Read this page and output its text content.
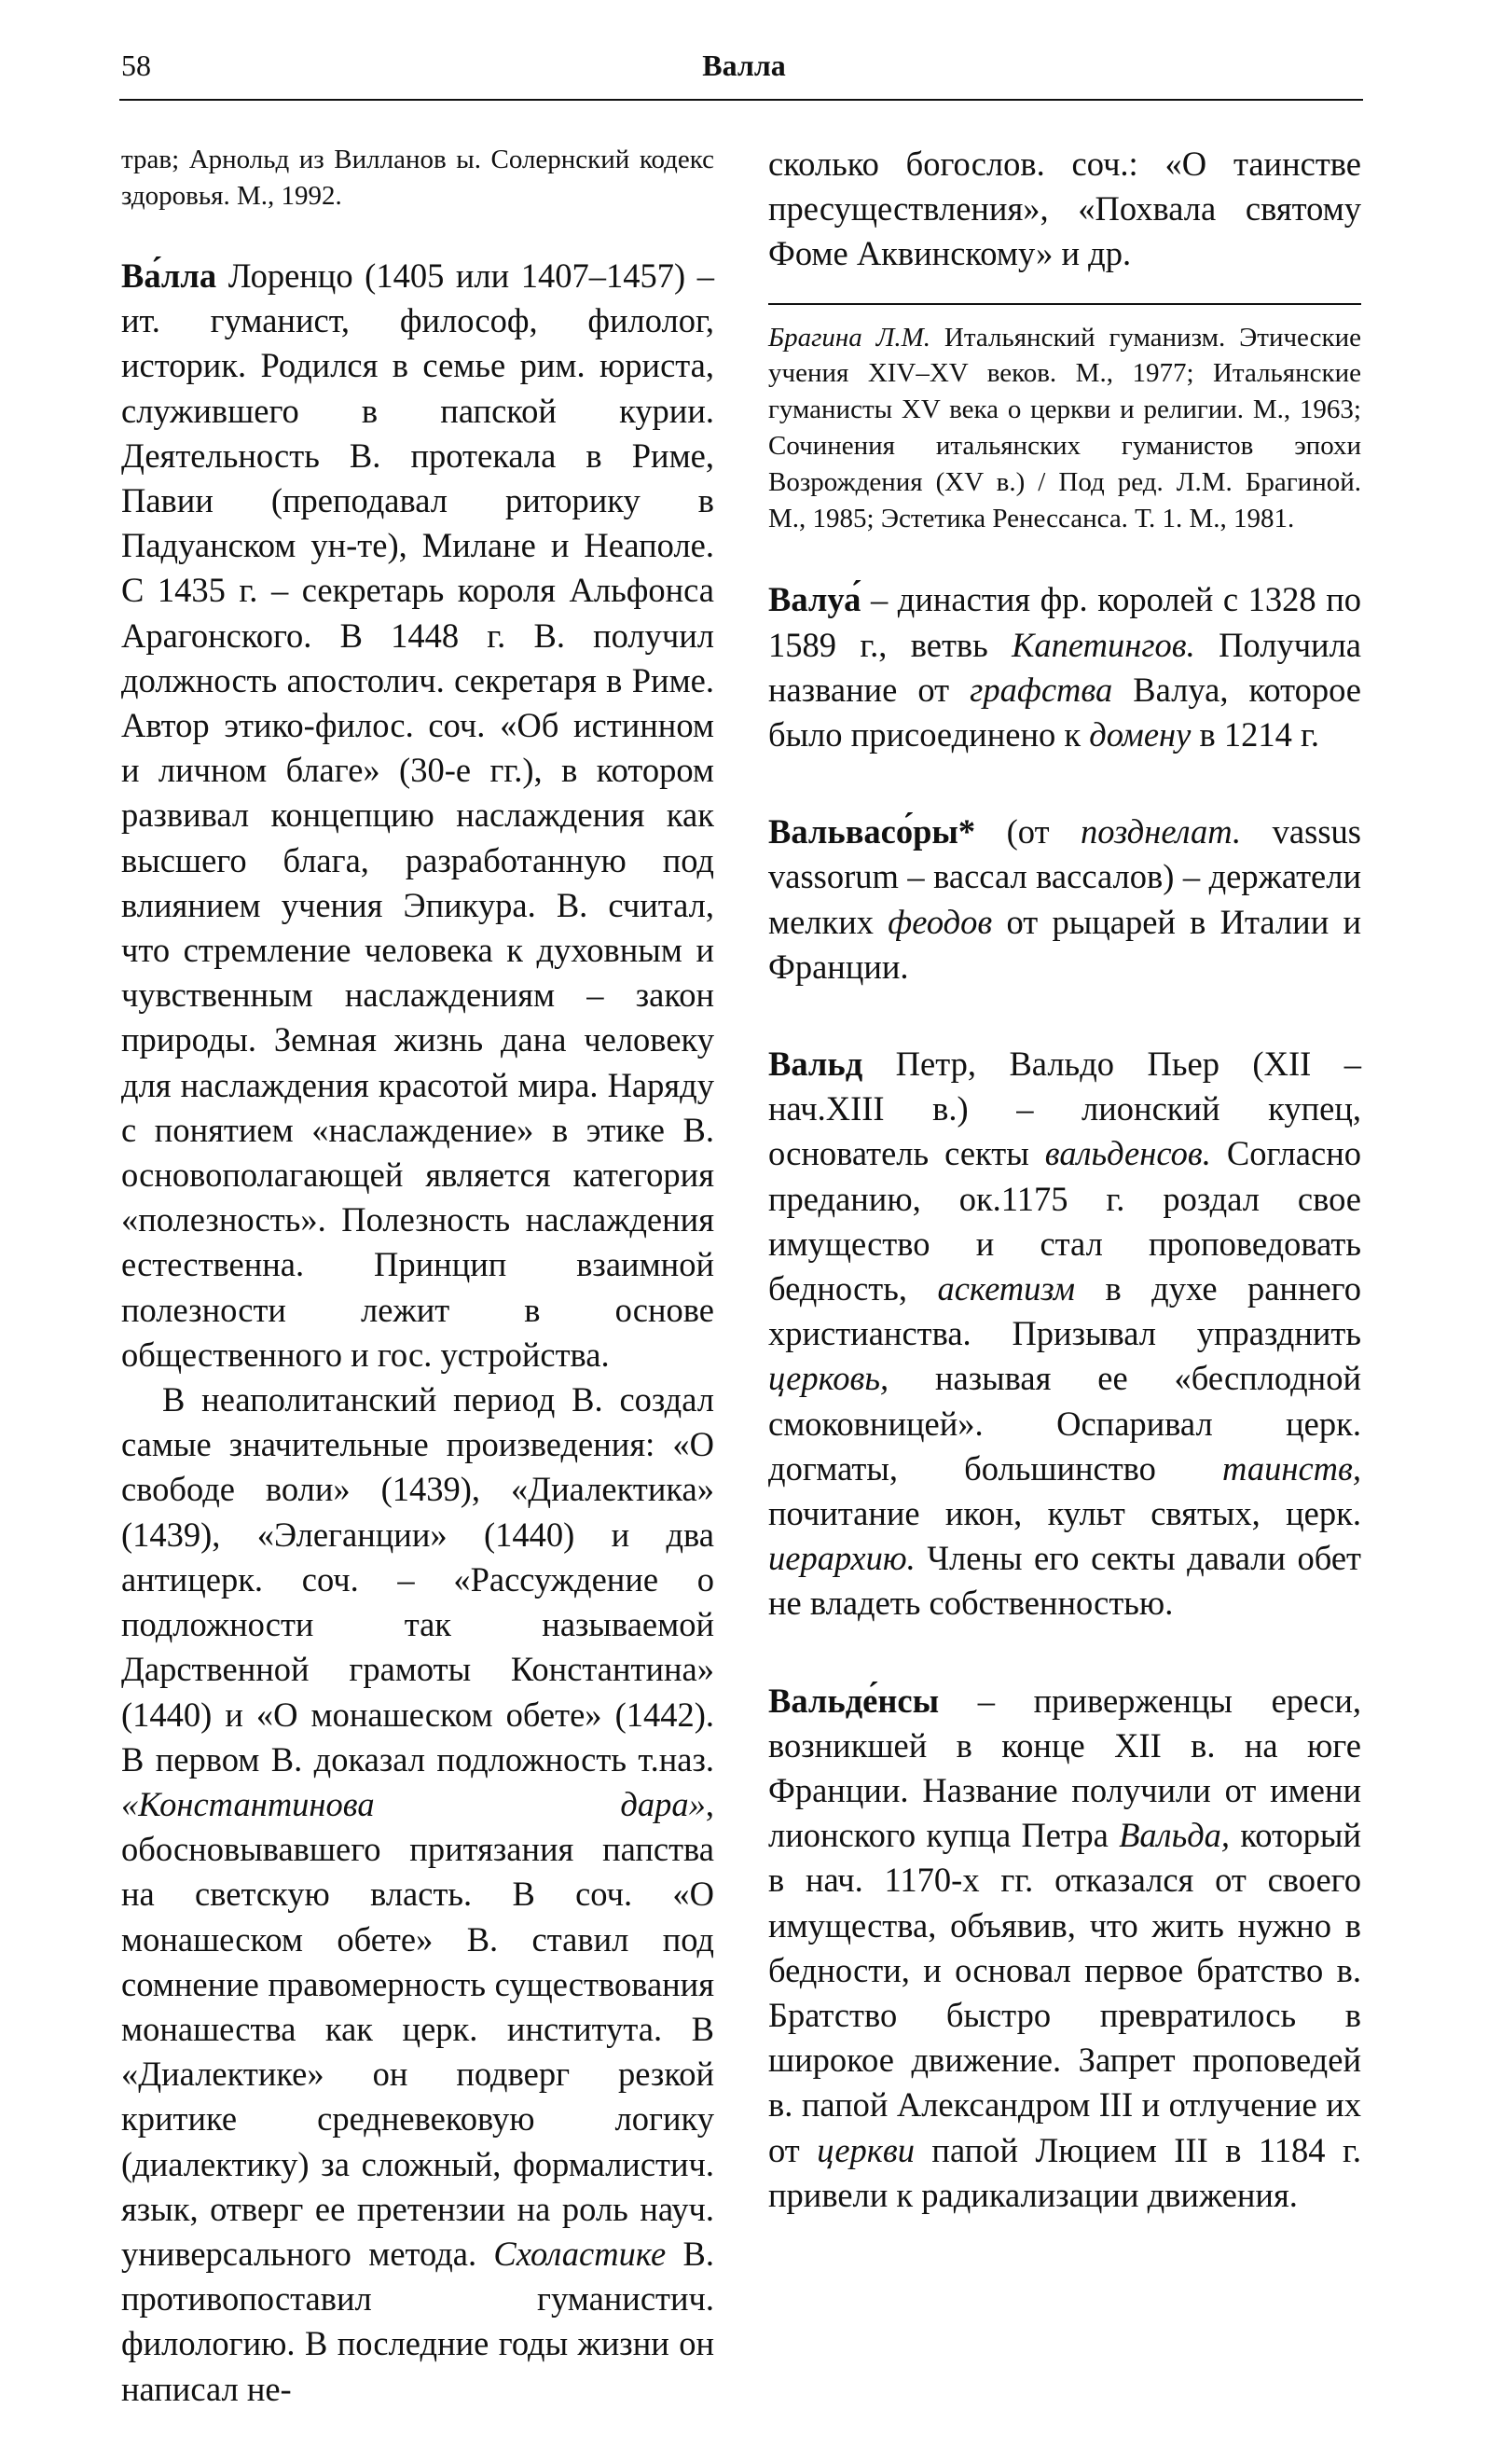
58	Валла

трав; Арнольд из Вилланов ы. Солернский кодекс здоровья. М., 1992.

Ва́лла Лоренцо (1405 или 1407–1457) – ит. гуманист, философ, филолог, историк. Родился в семье рим. юриста, служившего в папской курии. Деятельность В. протекала в Риме, Павии (преподавал риторику в Падуанском ун-те), Милане и Неаполе. С 1435 г. – секретарь короля Альфонса Арагонского. В 1448 г. В. получил должность апостолич. секретаря в Риме. Автор этико-филос. соч. «Об истинном и личном благе» (30-е гг.), в котором развивал концепцию наслаждения как высшего блага, разработанную под влиянием учения Эпикура. В. считал, что стремление человека к духовным и чувственным наслаждениям – закон природы. Земная жизнь дана человеку для наслаждения красотой мира. Наряду с понятием «наслаждение» в этике В. основополагающей является категория «полезность». Полезность наслаждения естественна. Принцип взаимной полезности лежит в основе общественного и гос. устройства.

В неаполитанский период В. создал самые значительные произведения: «О свободе воли» (1439), «Диалектика» (1439), «Элеганции» (1440) и два антицерк. соч. – «Рассуждение о подложности так называемой Дарственной грамоты Константина» (1440) и «О монашеском обете» (1442). В первом В. доказал подложность т.наз. «Константинова дара», обосновывавшего притязания папства на светскую власть. В соч. «О монашеском обете» В. ставил под сомнение правомерность существования монашества как церк. института. В «Диалектике» он подверг резкой критике средневековую логику (диалектику) за сложный, формалистич. язык, отверг ее претензии на роль науч. универсального метода. Схоластике В. противопоставил гуманистич. филологию. В последние годы жизни он написал не-

сколько богослов. соч.: «О таинстве пресуществления», «Похвала святому Фоме Аквинскому» и др.

Брагина Л.М. Итальянский гуманизм. Этические учения XIV–XV веков. М., 1977; Итальянские гуманисты XV века о церкви и религии. М., 1963; Сочинения итальянских гуманистов эпохи Возрождения (XV в.) / Под ред. Л.М. Брагиной. М., 1985; Эстетика Ренессанса. Т. 1. М., 1981.

Валуа́ – династия фр. королей с 1328 по 1589 г., ветвь Капетингов. Получила название от графства Валуа, которое было присоединено к домену в 1214 г.

Вальвасо́ры* (от позднелат. vassus vassorum – вассал вассалов) – держатели мелких феодов от рыцарей в Италии и Франции.

Вальд Петр, Вальдо Пьер (XII – нач.XIII в.) – лионский купец, основатель секты вальденсов. Согласно преданию, ок.1175 г. роздал свое имущество и стал проповедовать бедность, аскетизм в духе раннего христианства. Призывал упразднить церковь, называя ее «бесплодной смоковницей». Оспаривал церк. догматы, большинство таинств, почитание икон, культ святых, церк. иерархию. Члены его секты давали обет не владеть собственностью.

Вальде́нсы – приверженцы ереси, возникшей в конце XII в. на юге Франции. Название получили от имени лионского купца Петра Вальда, который в нач. 1170-х гг. отказался от своего имущества, объявив, что жить нужно в бедности, и основал первое братство в. Братство быстро превратилось в широкое движение. Запрет проповедей в. папой Александром III и отлучение их от церкви папой Люцием III в 1184 г. привели к радикализации движения.
